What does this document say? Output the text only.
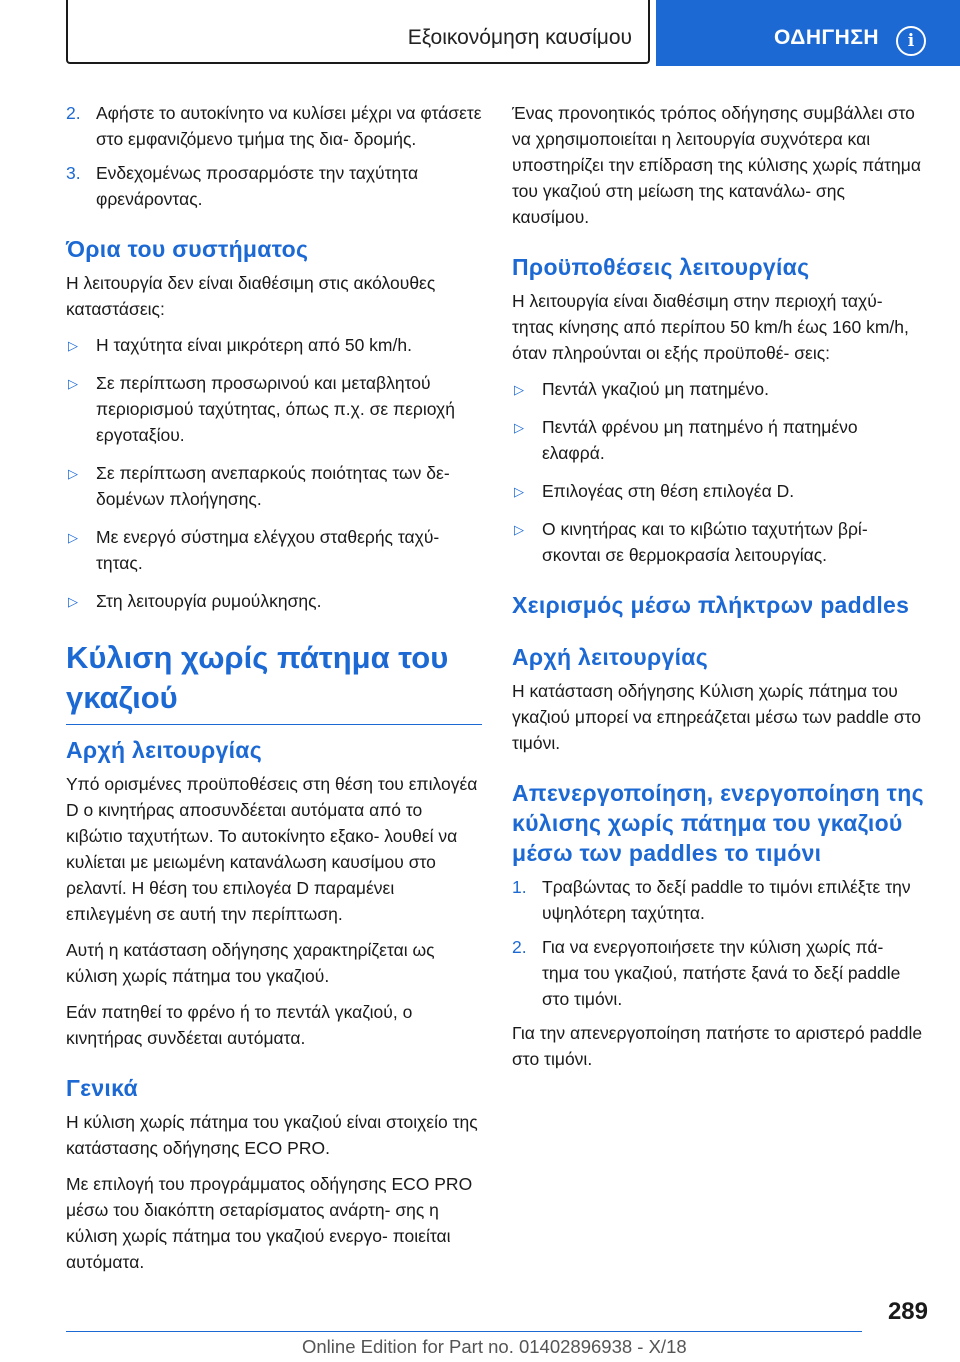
Εξοικονόμηση καυσίμου	ΟΔΗΓΗΣΗ	i
2. Αφήστε το αυτοκίνητο να κυλίσει μέχρι να φτάσετε στο εμφανιζόμενο τμήμα της δια‐ δρομής.
3. Ενδεχομένως προσαρμόστε την ταχύτητα φρενάροντας.
Όρια του συστήματος

Η λειτουργία δεν είναι διαθέσιμη στις ακόλουθες καταστάσεις:

▷ Η ταχύτητα είναι μικρότερη από 50 km/h.
▷ Σε περίπτωση προσωρινού και μεταβλητού περιορισμού ταχύτητας, όπως π.χ. σε περιοχή εργοταξίου.
▷ Σε περίπτωση ανεπαρκούς ποιότητας των δε‐ δομένων πλοήγησης.
▷ Με ενεργό σύστημα ελέγχου σταθερής ταχύ‐ τητας.
▷ Στη λειτουργία ρυμούλκησης.
Κύλιση χωρίς πάτημα του γκαζιού
Αρχή λειτουργίας

Υπό ορισμένες προϋποθέσεις στη θέση του επιλογέα D ο κινητήρας αποσυνδέεται αυτόματα από το κιβώτιο ταχυτήτων. Το αυτοκίνητο εξακο‐ λουθεί να κυλίεται με μειωμένη κατανάλωση καυσίμου στο ρελαντί. Η θέση του επιλογέα D παραμένει επιλεγμένη σε αυτή την περίπτωση.

Αυτή η κατάσταση οδήγησης χαρακτηρίζεται ως κύλιση χωρίς πάτημα του γκαζιού.

Εάν πατηθεί το φρένο ή το πεντάλ γκαζιού, ο κινητήρας συνδέεται αυτόματα.

Γενικά

Η κύλιση χωρίς πάτημα του γκαζιού είναι στοιχείο της κατάστασης οδήγησης ECO PRO.

Με επιλογή του προγράμματος οδήγησης ECO PRO μέσω του διακόπτη σεταρίσματος ανάρτη‐ σης η κύλιση χωρίς πάτημα του γκαζιού ενεργο‐ ποιείται αυτόματα.

Ένας προνοητικός τρόπος οδήγησης συμβάλλει στο να χρησιμοποιείται η λειτουργία συχνότερα και υποστηρίζει την επίδραση της κύλισης χωρίς πάτημα του γκαζιού στη μείωση της κατανάλω‐ σης καυσίμου.

Προϋποθέσεις λειτουργίας

Η λειτουργία είναι διαθέσιμη στην περιοχή ταχύ‐ τητας κίνησης από περίπου 50 km/h έως 160 km/h, όταν πληρούνται οι εξής προϋποθέ‐ σεις:

▷ Πεντάλ γκαζιού μη πατημένο.
▷ Πεντάλ φρένου μη πατημένο ή πατημένο ελαφρά.
▷ Επιλογέας στη θέση επιλογέα D.
▷ Ο κινητήρας και το κιβώτιο ταχυτήτων βρί‐ σκονται σε θερμοκρασία λειτουργίας.
Χειρισμός μέσω πλήκτρων paddles
Αρχή λειτουργίας

Η κατάσταση οδήγησης Κύλιση χωρίς πάτημα του γκαζιού μπορεί να επηρεάζεται μέσω των paddle στο τιμόνι.

Απενεργοποίηση, ενεργοποίηση της κύλισης χωρίς πάτημα του γκαζιού μέσω των paddles το τιμόνι
1. Τραβώντας το δεξί paddle το τιμόνι επιλέξτε την υψηλότερη ταχύτητα.
2. Για να ενεργοποιήσετε την κύλιση χωρίς πά‐ τημα του γκαζιού, πατήστε ξανά το δεξί paddle στο τιμόνι.

Για την απενεργοποίηση πατήστε το αριστερό paddle στο τιμόνι.

289
Online Edition for Part no. 01402896938 - X/18
